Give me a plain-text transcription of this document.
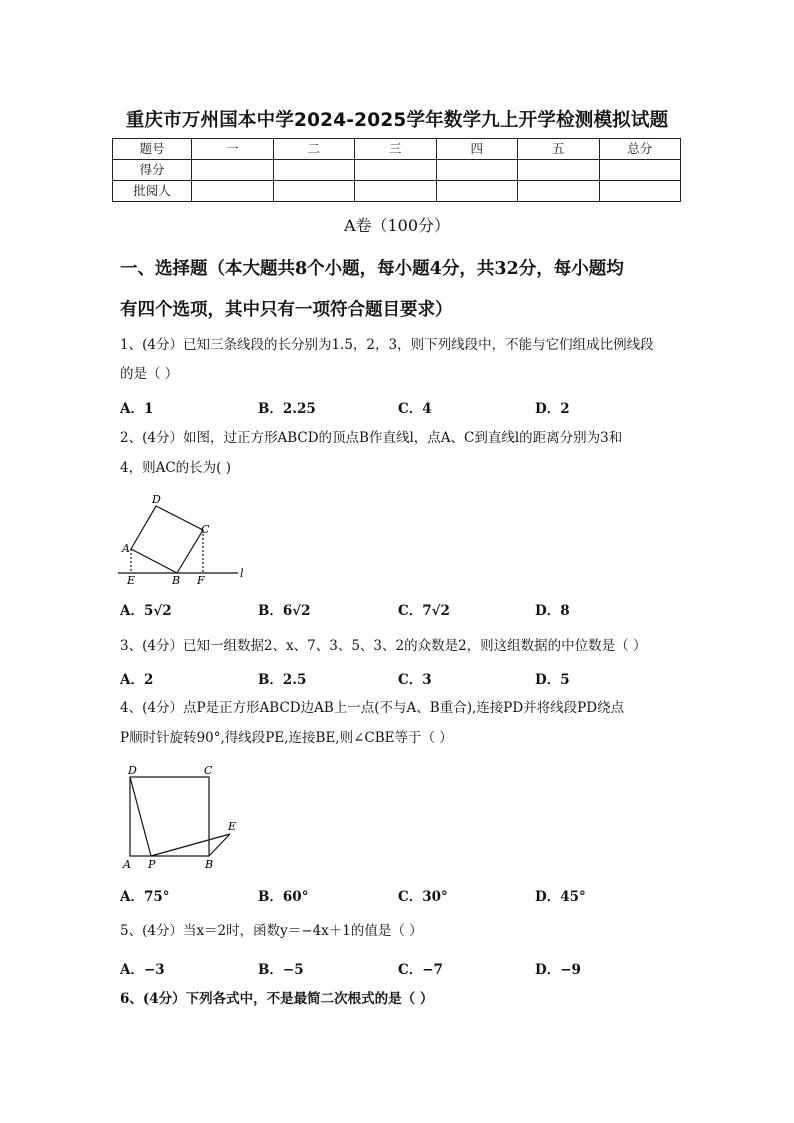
重庆市万州国本中学2024-2025学年数学九上开学检测模拟试题
题号	一	二	三	四	五	总分
得分						
批阅人						
A卷（100分）
一、选择题（本大题共8个小题，每小题4分，共32分，每小题均
有四个选项，其中只有一项符合题目要求）
1、(4分）已知三条线段的长分别为1.5，2，3，则下列线段中，不能与它们组成比例线段
的是（ ）
A．1	B．2.25	C．4	D．2
2、(4分）如图，过正方形ABCD的顶点B作直线l，点A、C到直线l的距离分别为3和
4，则AC的长为( )
D
C
A
E	B F
l
A．5√2	B．6√2	C．7√2	D．8
3、(4分）已知一组数据2、x、7、3、5、3、2的众数是2，则这组数据的中位数是（ ）
A．2	B．2.5	C．3	D．5
4、(4分）点P是正方形ABCD边AB上一点(不与A、B重合),连接PD并将线段PD绕点
P顺时针旋转90°,得线段PE,连接BE,则∠CBE等于（ ）
D	C
E
A P	B
A．75°	B．60°	C．30°	D．45°
5、(4分）当x＝2时，函数y＝−4x＋1的值是（ ）
A．−3	B．−5	C．−7	D．−9
6、(4分）下列各式中，不是最简二次根式的是（ ）
